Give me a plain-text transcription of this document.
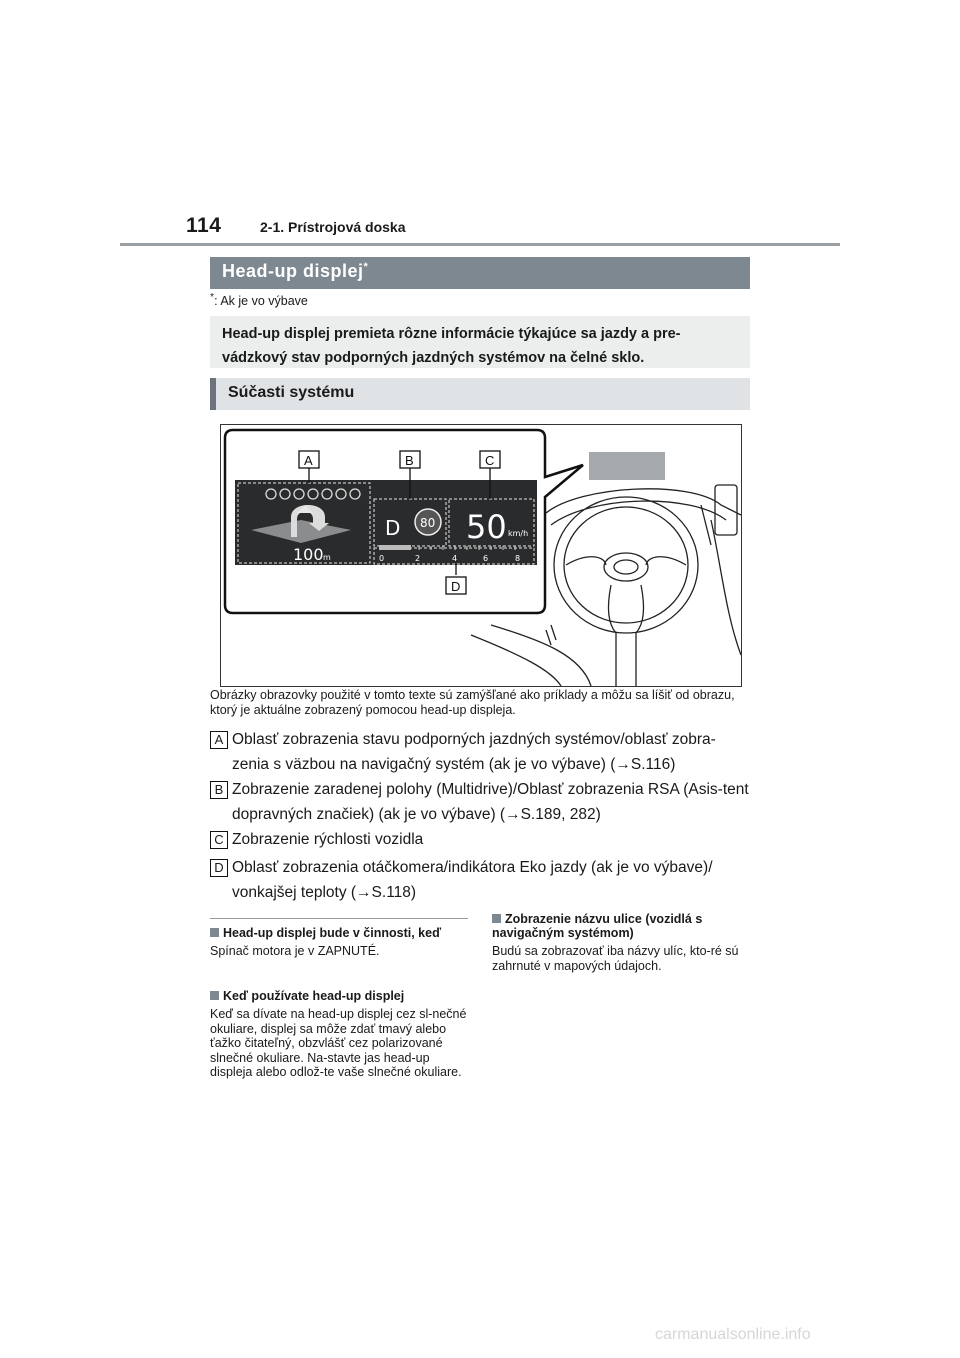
114	2-1. Prístrojová doska
Head-up displej*
*: Ak je vo výbave
Head-up displej premieta rôzne informácie týkajúce sa jazdy a pre-vádzkový stav podporných jazdných systémov na čelné sklo.
Súčasti systému
100 m
D 80 50 km/h
0	2	4	6	8
A	B	C
D
Obrázky obrazovky použité v tomto texte sú zamýšľané ako príklady a môžu sa líšiť od obrazu, ktorý je aktuálne zobrazený pomocou head-up displeja.
A Oblasť zobrazenia stavu podporných jazdných systémov/oblasť zobra-zenia s väzbou na navigačný systém (ak je vo výbave) (→S.116)
B Zobrazenie zaradenej polohy (Multidrive)/Oblasť zobrazenia RSA (Asis-tent dopravných značiek) (ak je vo výbave) (→S.189, 282)
C Zobrazenie rýchlosti vozidla
D Oblasť zobrazenia otáčkomera/indikátora Eko jazdy (ak je vo výbave)/ vonkajšej teploty (→S.118)
Head-up displej bude v činnosti, keď
Spínač motora je v ZAPNUTÉ.
Keď používate head-up displej
Keď sa dívate na head-up displej cez sl-nečné okuliare, displej sa môže zdať tmavý alebo ťažko čitateľný, obzvlášť cez polarizované slnečné okuliare. Na-stavte jas head-up displeja alebo odlož-te vaše slnečné okuliare.
Zobrazenie názvu ulice (vozidlá s navigačným systémom)
Budú sa zobrazovať iba názvy ulíc, kto-ré sú zahrnuté v mapových údajoch.
carmanualsonline.info
